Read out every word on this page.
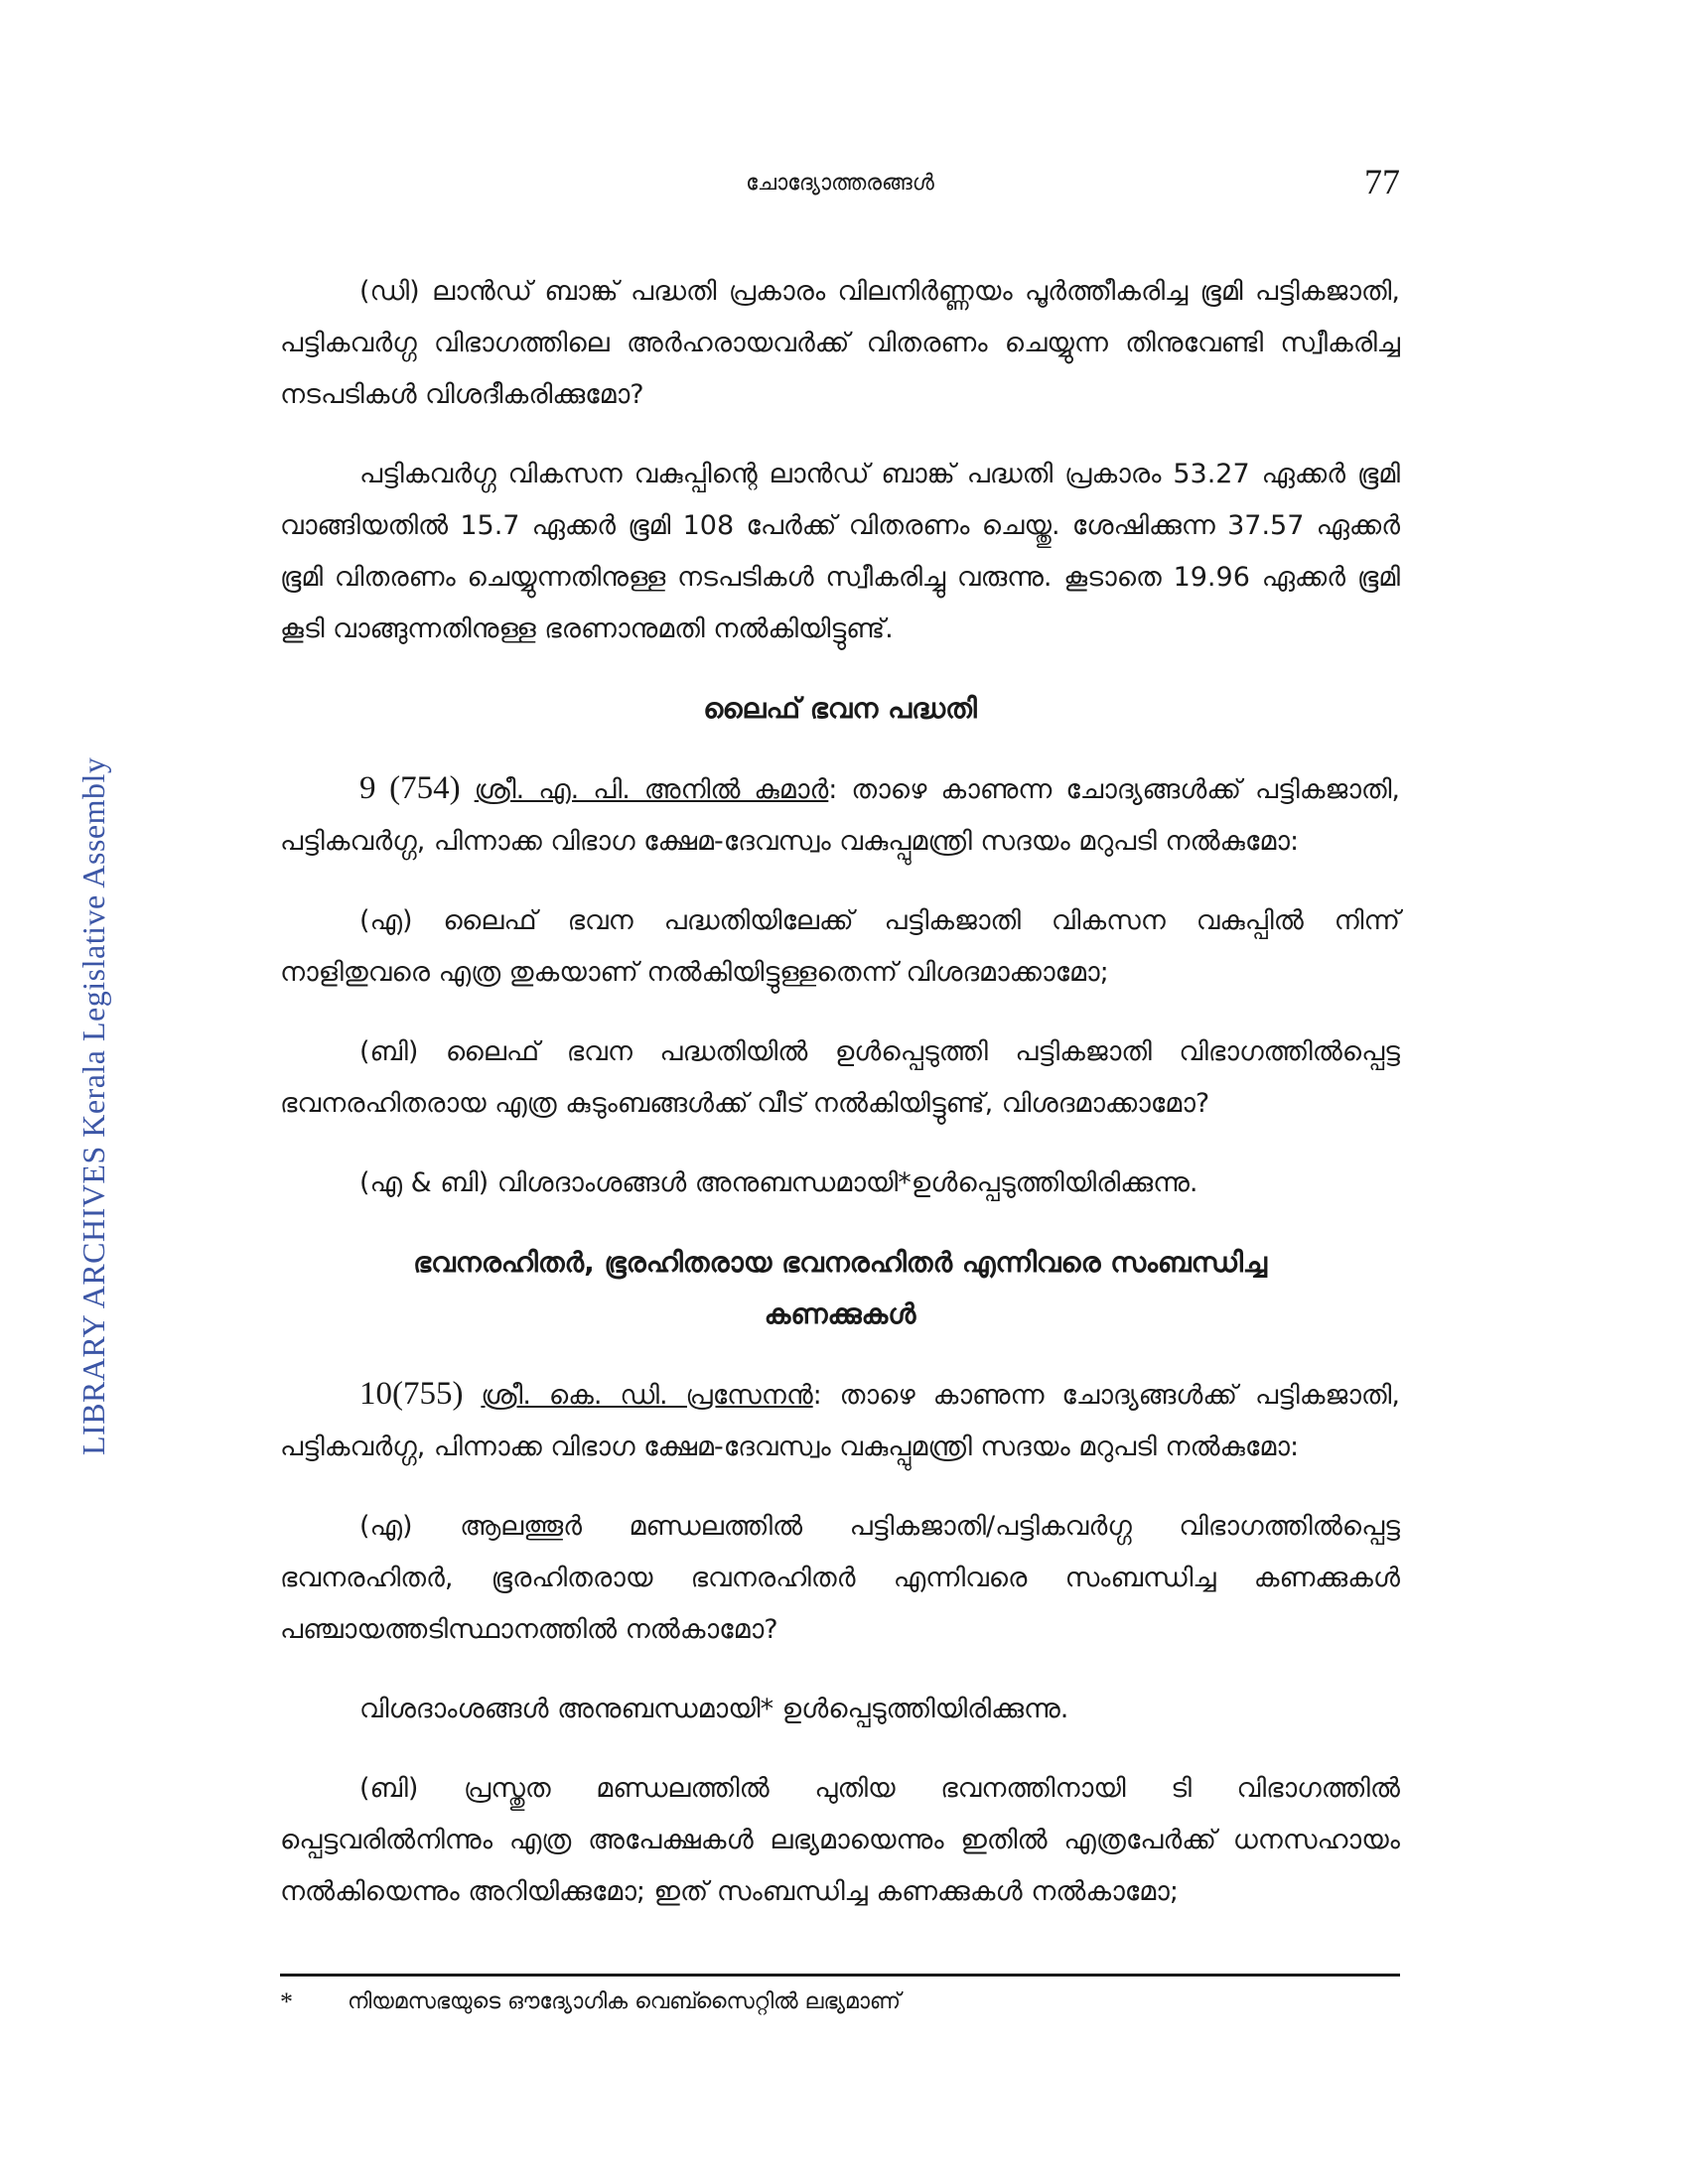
LIBRARY ARCHIVES Kerala Legislative Assembly
ചോദ്യോത്തരങ്ങൾ	77

(ഡി) ലാൻഡ് ബാങ്ക് പദ്ധതി പ്രകാരം വിലനിർണ്ണയം പൂർത്തീകരിച്ച ഭൂമി പട്ടികജാതി, പട്ടികവർഗ്ഗ വിഭാഗത്തിലെ അർഹരായവർക്ക് വിതരണം ചെയ്യുന്ന തിനുവേണ്ടി സ്വീകരിച്ച നടപടികൾ വിശദീകരിക്കുമോ?

പട്ടികവർഗ്ഗ വികസന വകുപ്പിന്റെ ലാൻഡ് ബാങ്ക് പദ്ധതി പ്രകാരം 53.27 ഏക്കർ ഭൂമി വാങ്ങിയതിൽ 15.7 ഏക്കർ ഭൂമി 108 പേർക്ക് വിതരണം ചെയ്തു. ശേഷിക്കുന്ന 37.57 ഏക്കർ ഭൂമി വിതരണം ചെയ്യുന്നതിനുള്ള നടപടികൾ സ്വീകരിച്ചു വരുന്നു. കൂടാതെ 19.96 ഏക്കർ ഭൂമി കൂടി വാങ്ങുന്നതിനുള്ള ഭരണാനുമതി നൽകിയിട്ടുണ്ട്.

ലൈഫ് ഭവന പദ്ധതി

9 (754) ശ്രീ. എ. പി. അനിൽ കുമാർ: താഴെ കാണുന്ന ചോദ്യങ്ങൾക്ക് പട്ടികജാതി, പട്ടികവർഗ്ഗ, പിന്നാക്ക വിഭാഗ ക്ഷേമ-ദേവസ്വം വകുപ്പുമന്ത്രി സദയം മറുപടി നൽകുമോ:

(എ) ലൈഫ് ഭവന പദ്ധതിയിലേക്ക് പട്ടികജാതി വികസന വകുപ്പിൽ നിന്ന് നാളിതുവരെ എത്ര തുകയാണ് നൽകിയിട്ടുള്ളതെന്ന് വിശദമാക്കാമോ;

(ബി) ലൈഫ് ഭവന പദ്ധതിയിൽ ഉൾപ്പെടുത്തി പട്ടികജാതി വിഭാഗത്തിൽപ്പെട്ട ഭവനരഹിതരായ എത്ര കുടുംബങ്ങൾക്ക് വീട് നൽകിയിട്ടുണ്ട്, വിശദമാക്കാമോ?

(എ & ബി) വിശദാംശങ്ങൾ അനുബന്ധമായി*ഉൾപ്പെടുത്തിയിരിക്കുന്നു.

ഭവനരഹിതർ, ഭൂരഹിതരായ ഭവനരഹിതർ എന്നിവരെ സംബന്ധിച്ച
കണക്കുകൾ

10(755) ശ്രീ. കെ. ഡി. പ്രസേനൻ: താഴെ കാണുന്ന ചോദ്യങ്ങൾക്ക് പട്ടികജാതി, പട്ടികവർഗ്ഗ, പിന്നാക്ക വിഭാഗ ക്ഷേമ-ദേവസ്വം വകുപ്പുമന്ത്രി സദയം മറുപടി നൽകുമോ:

(എ) ആലത്തൂർ മണ്ഡലത്തിൽ പട്ടികജാതി/പട്ടികവർഗ്ഗ വിഭാഗത്തിൽപ്പെട്ട ഭവനരഹിതർ, ഭൂരഹിതരായ ഭവനരഹിതർ എന്നിവരെ സംബന്ധിച്ച കണക്കുകൾ പഞ്ചായത്തടിസ്ഥാനത്തിൽ നൽകാമോ?

വിശദാംശങ്ങൾ അനുബന്ധമായി* ഉൾപ്പെടുത്തിയിരിക്കുന്നു.

(ബി) പ്രസ്തുത മണ്ഡലത്തിൽ പുതിയ ഭവനത്തിനായി ടി വിഭാഗത്തിൽ പ്പെട്ടവരിൽനിന്നും എത്ര അപേക്ഷകൾ ലഭ്യമായെന്നും ഇതിൽ എത്രപേർക്ക് ധനസഹായം നൽകിയെന്നും അറിയിക്കുമോ; ഇത് സംബന്ധിച്ച കണക്കുകൾ നൽകാമോ;

*	നിയമസഭയുടെ ഔദ്യോഗിക വെബ്സൈറ്റിൽ ലഭ്യമാണ്
